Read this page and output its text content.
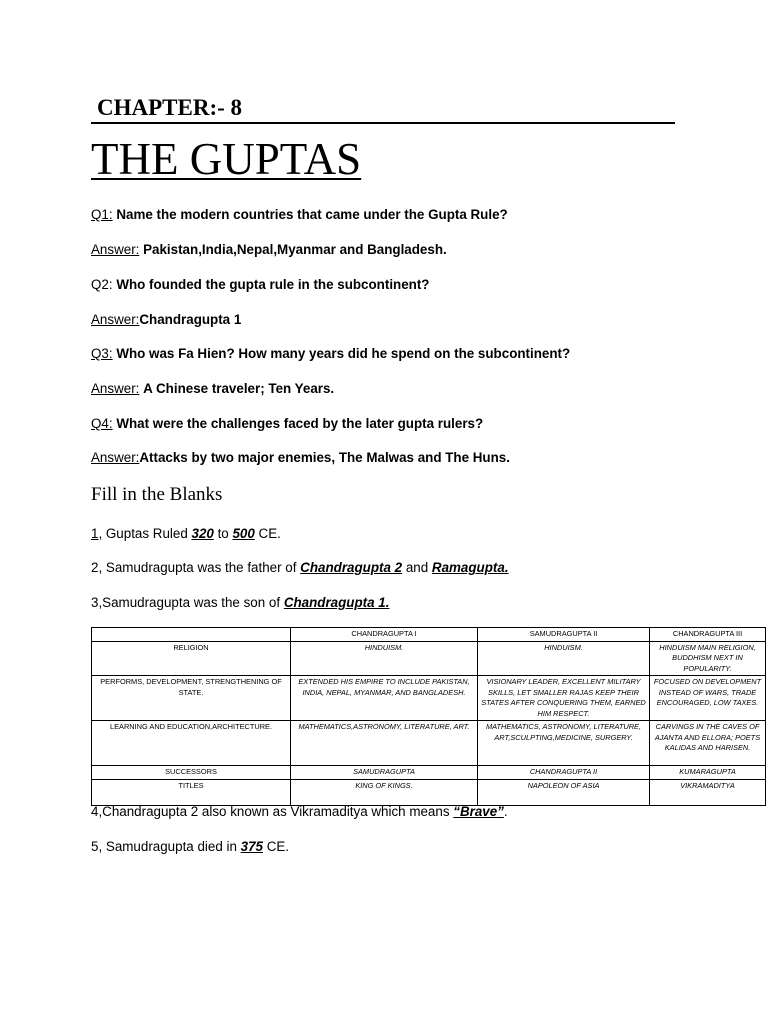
CHAPTER:- 8
THE GUPTAS
Q1: Name the modern countries that came under the Gupta Rule?
Answer: Pakistan,India,Nepal,Myanmar and Bangladesh.
Q2: Who founded the gupta rule in the subcontinent?
Answer:Chandragupta 1
Q3: Who was Fa Hien? How many years did he spend on the subcontinent?
Answer: A Chinese traveler; Ten Years.
Q4: What were the challenges faced by the later gupta rulers?
Answer:Attacks by two major enemies, The Malwas and The Huns.
Fill in the Blanks
1, Guptas Ruled 320 to 500 CE.
2, Samudragupta was the father of Chandragupta 2 and Ramagupta.
3,Samudragupta was the son of Chandragupta 1.
	CHANDRAGUPTA I	SAMUDRAGUPTA II	CHANDRAGUPTA III
RELIGION	HINDUISM.	HINDUISM.	HINDUISM MAIN RELIGION, BUDDHISM NEXT IN POPULARITY.
PERFORMS, DEVELOPMENT, STRENGTHENING OF STATE.	EXTENDED HIS EMPIRE TO INCLUDE PAKISTAN, INDIA, NEPAL, MYANMAR, AND BANGLADESH.	VISIONARY LEADER, EXCELLENT MILITARY SKILLS, LET SMALLER RAJAS KEEP THEIR STATES AFTER CONQUERING THEM, EARNED HIM RESPECT.	FOCUSED ON DEVELOPMENT INSTEAD OF WARS, TRADE ENCOURAGED, LOW TAXES.
LEARNING AND EDUCATION,ARCHITECTURE.	MATHEMATICS,ASTRONOMY, LITERATURE, ART.	MATHEMATICS, ASTRONOMY, LITERATURE, ART,SCULPTING,MEDICINE, SURGERY.	CARVINGS IN THE CAVES OF AJANTA AND ELLORA; POETS KALIDAS AND HARISEN.
SUCCESSORS	SAMUDRAGUPTA	CHANDRAGUPTA II	KUMARAGUPTA
TITLES	KING OF KINGS.	NAPOLEON OF ASIA	VIKRAMADITYA
4,Chandragupta 2 also known as Vikramaditya which means “Brave”.
5, Samudragupta died in 375 CE.
